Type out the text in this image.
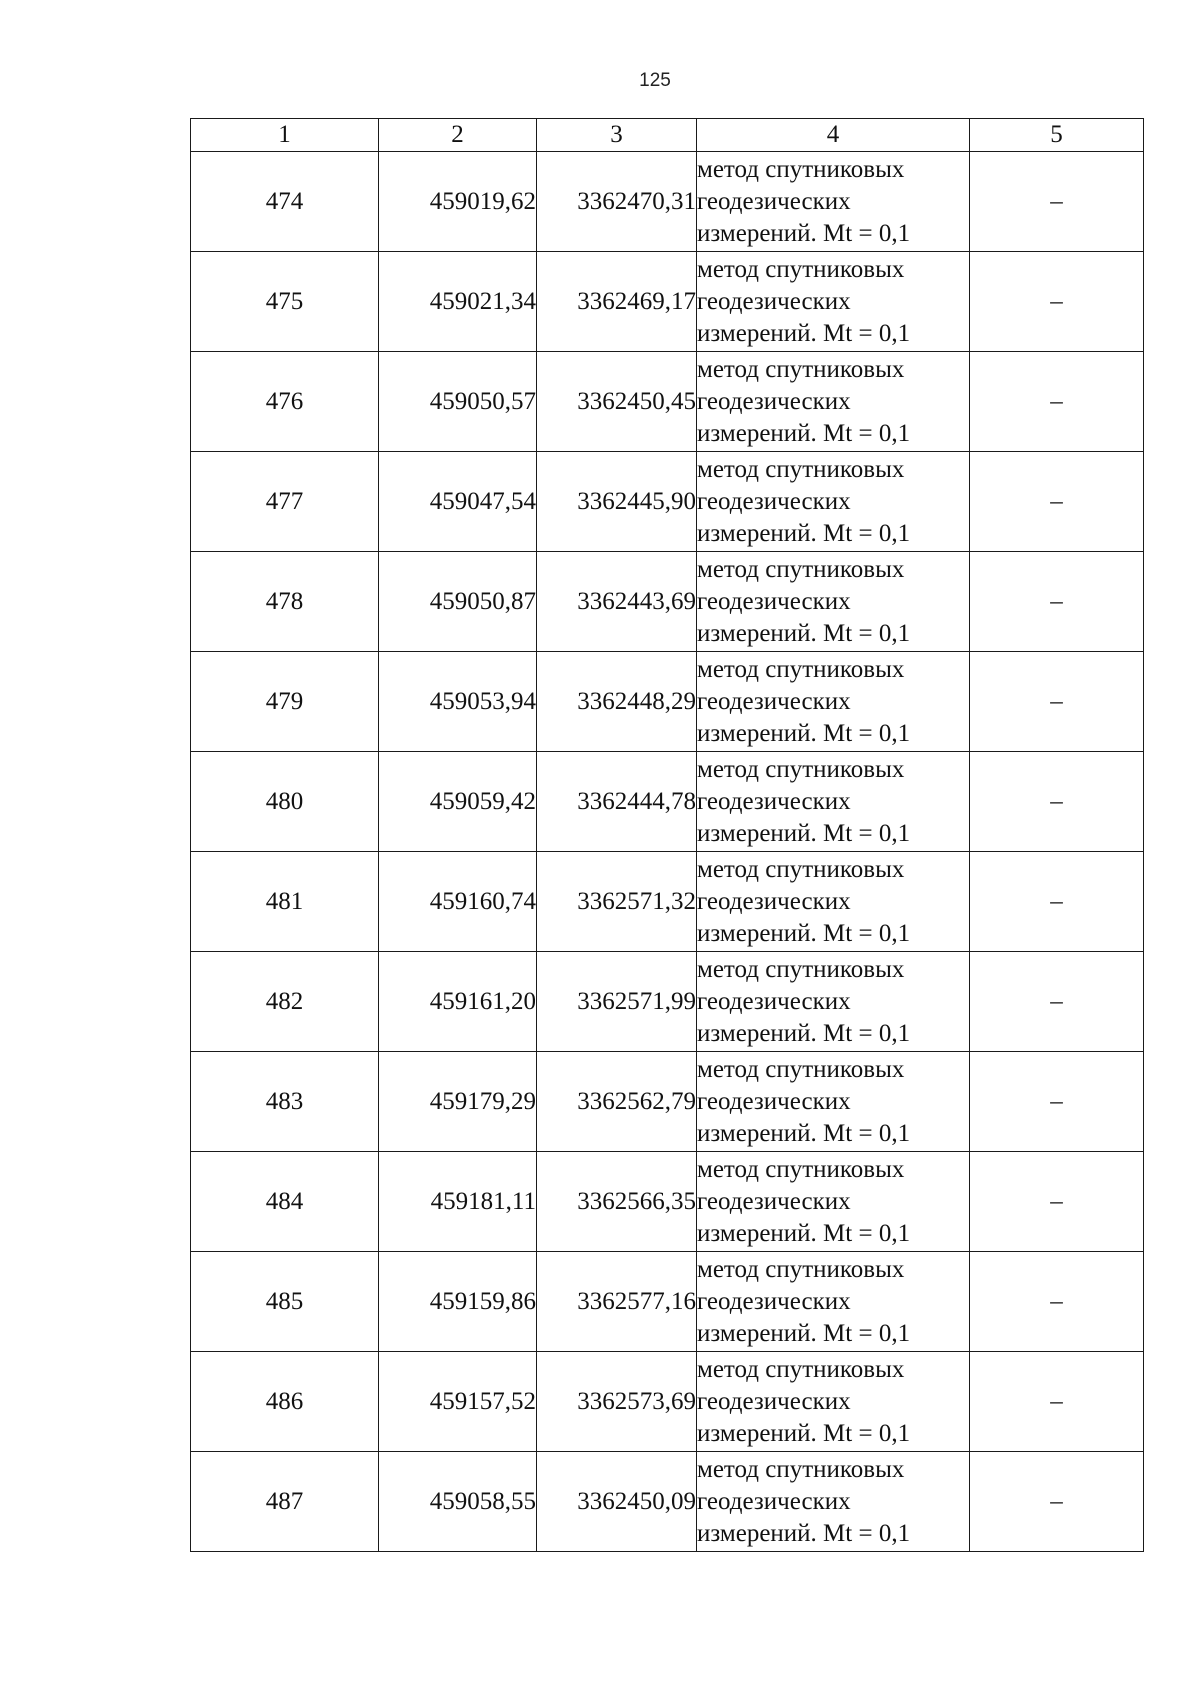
125
1	2	3	4	5
474	459019,62	3362470,31	метод спутниковых
геодезических
измерений. Mt = 0,1	–
475	459021,34	3362469,17	метод спутниковых
геодезических
измерений. Mt = 0,1	–
476	459050,57	3362450,45	метод спутниковых
геодезических
измерений. Mt = 0,1	–
477	459047,54	3362445,90	метод спутниковых
геодезических
измерений. Mt = 0,1	–
478	459050,87	3362443,69	метод спутниковых
геодезических
измерений. Mt = 0,1	–
479	459053,94	3362448,29	метод спутниковых
геодезических
измерений. Mt = 0,1	–
480	459059,42	3362444,78	метод спутниковых
геодезических
измерений. Mt = 0,1	–
481	459160,74	3362571,32	метод спутниковых
геодезических
измерений. Mt = 0,1	–
482	459161,20	3362571,99	метод спутниковых
геодезических
измерений. Mt = 0,1	–
483	459179,29	3362562,79	метод спутниковых
геодезических
измерений. Mt = 0,1	–
484	459181,11	3362566,35	метод спутниковых
геодезических
измерений. Mt = 0,1	–
485	459159,86	3362577,16	метод спутниковых
геодезических
измерений. Mt = 0,1	–
486	459157,52	3362573,69	метод спутниковых
геодезических
измерений. Mt = 0,1	–
487	459058,55	3362450,09	метод спутниковых
геодезических
измерений. Mt = 0,1	–
